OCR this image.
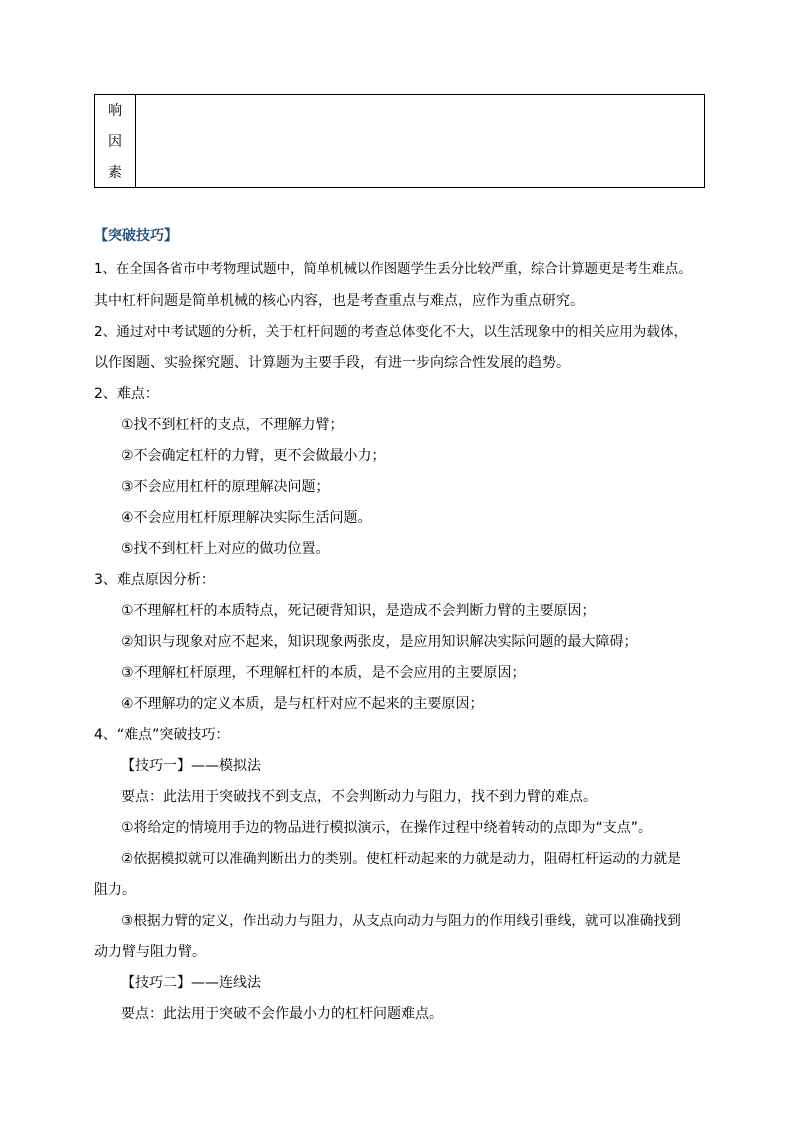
响
因
素
【突破技巧】
1、在全国各省市中考物理试题中，简单机械以作图题学生丢分比较严重，综合计算题更是考生难点。
其中杠杆问题是简单机械的核心内容，也是考查重点与难点，应作为重点研究。
2、通过对中考试题的分析，关于杠杆问题的考查总体变化不大，以生活现象中的相关应用为载体，
以作图题、实验探究题、计算题为主要手段，有进一步向综合性发展的趋势。
2、难点：
①找不到杠杆的支点，不理解力臂；
②不会确定杠杆的力臂，更不会做最小力；
③不会应用杠杆的原理解决问题；
④不会应用杠杆原理解决实际生活问题。
⑤找不到杠杆上对应的做功位置。
3、难点原因分析：
①不理解杠杆的本质特点，死记硬背知识，是造成不会判断力臂的主要原因；
②知识与现象对应不起来，知识现象两张皮，是应用知识解决实际问题的最大障碍；
③不理解杠杆原理，不理解杠杆的本质，是不会应用的主要原因；
④不理解功的定义本质，是与杠杆对应不起来的主要原因；
4、“难点”突破技巧：
【技巧一】——模拟法
要点：此法用于突破找不到支点，不会判断动力与阻力，找不到力臂的难点。
①将给定的情境用手边的物品进行模拟演示，在操作过程中绕着转动的点即为“支点”。
②依据模拟就可以准确判断出力的类别。使杠杆动起来的力就是动力，阻碍杠杆运动的力就是
阻力。
③根据力臂的定义，作出动力与阻力，从支点向动力与阻力的作用线引垂线，就可以准确找到
动力臂与阻力臂。
【技巧二】——连线法
要点：此法用于突破不会作最小力的杠杆问题难点。
